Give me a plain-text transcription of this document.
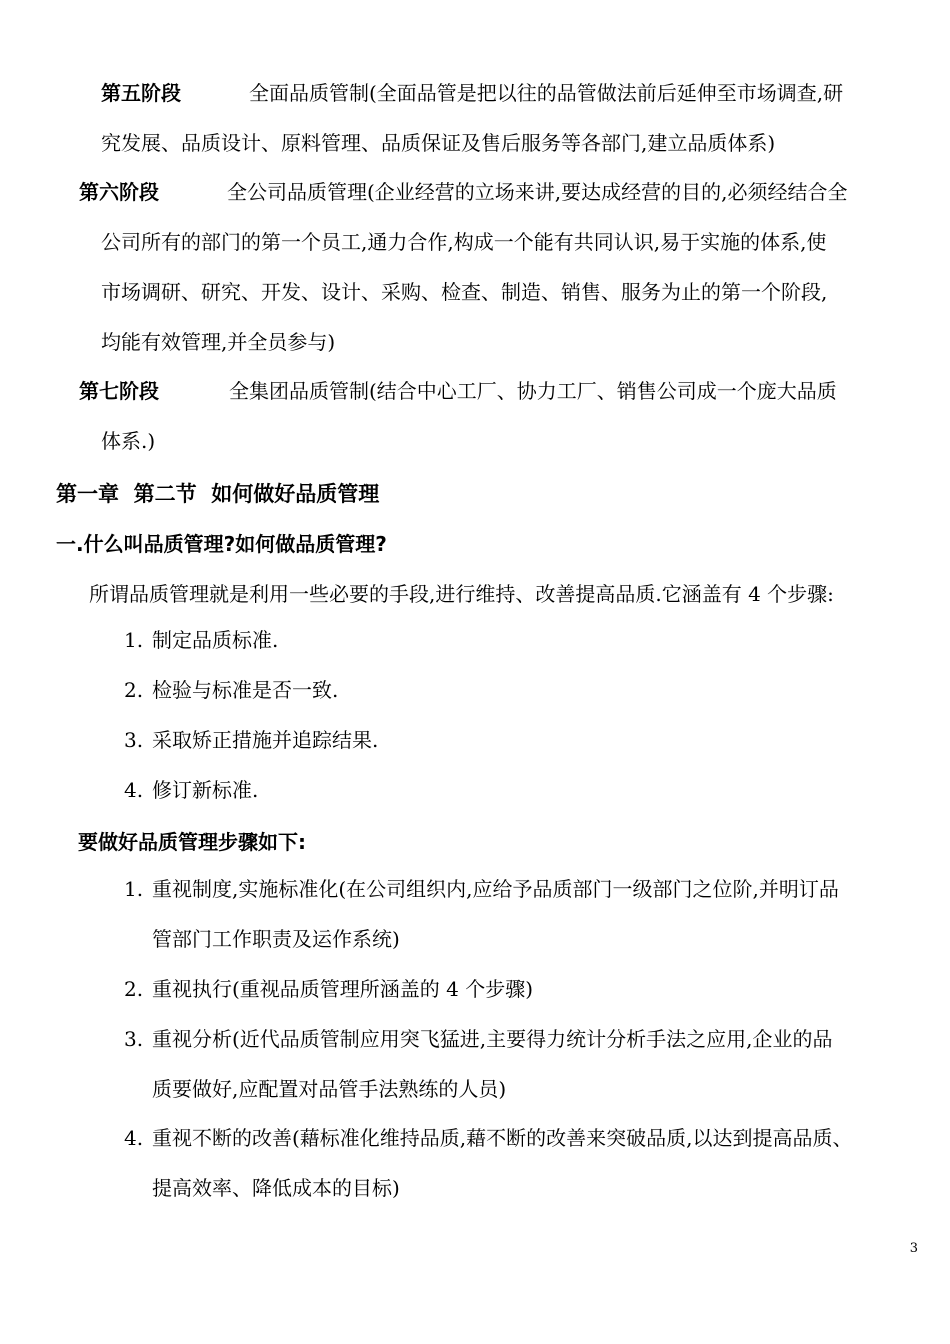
第五阶段	全面品质管制(全面品管是把以往的品管做法前后延伸至市场调查,研
究发展、品质设计、原料管理、品质保证及售后服务等各部门,建立品质体系)
第六阶段	全公司品质管理(企业经营的立场来讲,要达成经营的目的,必须经结合全
公司所有的部门的第一个员工,通力合作,构成一个能有共同认识,易于实施的体系,使
市场调研、研究、开发、设计、采购、检查、制造、销售、服务为止的第一个阶段,
均能有效管理,并全员参与)
第七阶段	全集团品质管制(结合中心工厂、协力工厂、销售公司成一个庞大品质
体系.)
第一章  第二节  如何做好品质管理
一.什么叫品质管理?如何做品质管理?
所谓品质管理就是利用一些必要的手段,进行维持、改善提高品质.它涵盖有 4 个步骤:
1. 制定品质标准.
2. 检验与标准是否一致.
3. 采取矫正措施并追踪结果.
4. 修订新标准.
要做好品质管理步骤如下:
1. 重视制度,实施标准化(在公司组织内,应给予品质部门一级部门之位阶,并明订品
管部门工作职责及运作系统)
2. 重视执行(重视品质管理所涵盖的 4 个步骤)
3. 重视分析(近代品质管制应用突飞猛进,主要得力统计分析手法之应用,企业的品
质要做好,应配置对品管手法熟练的人员)
4. 重视不断的改善(藉标准化维持品质,藉不断的改善来突破品质,以达到提高品质、
提高效率、降低成本的目标)
3
